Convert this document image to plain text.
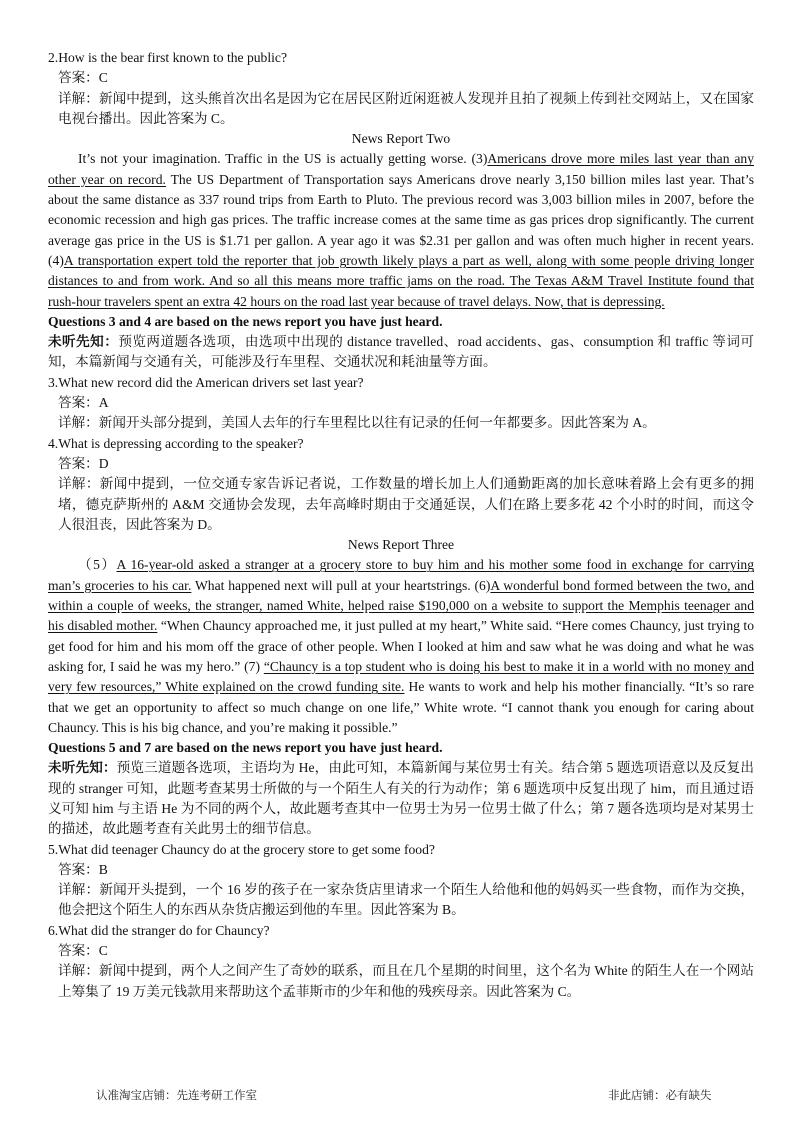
2.How is the bear first known to the public?

答案：C

详解：新闻中提到，这头熊首次出名是因为它在居民区附近闲逛被人发现并且拍了视频上传到社交网站上，又在国家电视台播出。因此答案为 C。

News Report Two

It’s not your imagination. Traffic in the US is actually getting worse. (3)Americans drove more miles last year than any other year on record. The US Department of Transportation says Americans drove nearly 3,150 billion miles last year. That’s about the same distance as 337 round trips from Earth to Pluto. The previous record was 3,003 billion miles in 2007, before the economic recession and high gas prices. The traffic increase comes at the same time as gas prices drop significantly. The current average gas price in the US is $1.71 per gallon. A year ago it was $2.31 per gallon and was often much higher in recent years. (4)A transportation expert told the reporter that job growth likely plays a part as well, along with some people driving longer distances to and from work. And so all this means more traffic jams on the road. The Texas A&M Travel Institute found that rush-hour travelers spent an extra 42 hours on the road last year because of travel delays. Now, that is depressing.

Questions 3 and 4 are based on the news report you have just heard.

未听先知：预览两道题各选项，由选项中出现的 distance travelled、road accidents、gas、consumption 和 traffic 等词可知，本篇新闻与交通有关，可能涉及行车里程、交通状况和耗油量等方面。

3.What new record did the American drivers set last year?

答案：A

详解：新闻开头部分提到，美国人去年的行车里程比以往有记录的任何一年都要多。因此答案为 A。

4.What is depressing according to the speaker?

答案：D

详解：新闻中提到，一位交通专家告诉记者说，工作数量的增长加上人们通勤距离的加长意味着路上会有更多的拥堵，德克萨斯州的 A&M 交通协会发现，去年高峰时期由于交通延误，人们在路上要多花 42 个小时的时间，而这令人很沮丧，因此答案为 D。

News Report Three

（5）A 16-year-old asked a stranger at a grocery store to buy him and his mother some food in exchange for carrying man’s groceries to his car. What happened next will pull at your heartstrings. (6)A wonderful bond formed between the two, and within a couple of weeks, the stranger, named White, helped raise $190,000 on a website to support the Memphis teenager and his disabled mother. “When Chauncy approached me, it just pulled at my heart,” White said. “Here comes Chauncy, just trying to get food for him and his mom off the grace of other people. When I looked at him and saw what he was doing and what he was asking for, I said he was my hero.” (7) “Chauncy is a top student who is doing his best to make it in a world with no money and very few resources,” White explained on the crowd funding site. He wants to work and help his mother financially. “It’s so rare that we get an opportunity to affect so much change on one life,” White wrote. “I cannot thank you enough for caring about Chauncy. This is his big chance, and you’re making it possible.”

Questions 5 and 7 are based on the news report you have just heard.

未听先知：预览三道题各选项，主语均为 He，由此可知，本篇新闻与某位男士有关。结合第 5 题选项语意以及反复出现的 stranger 可知，此题考查某男士所做的与一个陌生人有关的行为动作；第 6 题选项中反复出现了 him，而且通过语义可知 him 与主语 He 为不同的两个人，故此题考查其中一位男士为另一位男士做了什么；第 7 题各选项均是对某男士的描述，故此题考查有关此男士的细节信息。

5.What did teenager Chauncy do at the grocery store to get some food?

答案：B

详解：新闻开头提到，一个 16 岁的孩子在一家杂货店里请求一个陌生人给他和他的妈妈买一些食物，而作为交换，他会把这个陌生人的东西从杂货店搬运到他的车里。因此答案为 B。

6.What did the stranger do for Chauncy?

答案：C

详解：新闻中提到，两个人之间产生了奇妙的联系，而且在几个星期的时间里，这个名为 White 的陌生人在一个网站上筹集了 19 万美元钱款用来帮助这个孟菲斯市的少年和他的残疾母亲。因此答案为 C。

认准淘宝店铺：先连考研工作室	非此店铺：必有缺失
